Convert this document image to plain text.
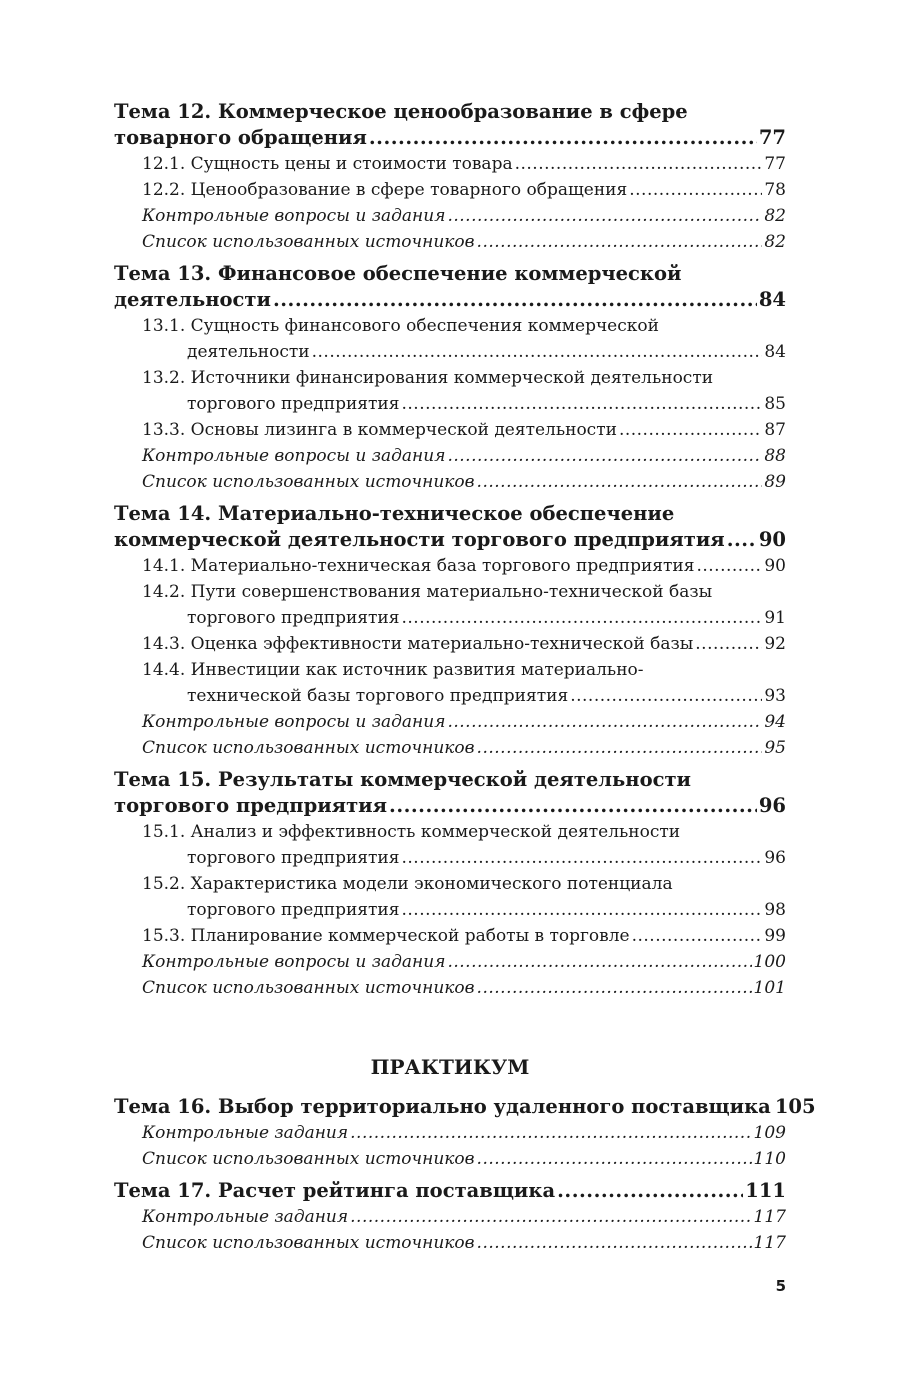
Тема 12. Коммерческое ценообразование в сфере
товарного обращения .....	77
12.1. Сущность цены и стоимости товара .....	77
12.2. Ценообразование в сфере товарного обращения .....	78
Контрольные вопросы и задания .....	82
Список использованных источников .....	82
Тема 13. Финансовое обеспечение коммерческой
деятельности .....	84
13.1. Сущность финансового обеспечения коммерческой
деятельности .....	84
13.2. Источники финансирования коммерческой деятельности
торгового предприятия .....	85
13.3. Основы лизинга в коммерческой деятельности .....	87
Контрольные вопросы и задания .....	88
Список использованных источников .....	89
Тема 14. Материально-техническое обеспечение
коммерческой деятельности торгового предприятия ..... 90
14.1. Материально-техническая база торгового предприятия .....	90
14.2. Пути совершенствования материально-технической базы
торгового предприятия .....	91
14.3. Оценка эффективности материально-технической базы .....	92
14.4. Инвестиции как источник развития материально-
технической базы торгового предприятия .....	93
Контрольные вопросы и задания .....	94
Список использованных источников .....	95
Тема 15. Результаты коммерческой деятельности
торгового предприятия .....	96
15.1. Анализ и эффективность коммерческой деятельности
торгового предприятия .....	96
15.2. Характеристика модели экономического потенциала
торгового предприятия .....	98
15.3. Планирование коммерческой работы в торговле .....	99
Контрольные вопросы и задания .....	100
Список использованных источников .....	101
ПРАКТИКУМ
Тема 16. Выбор территориально удаленного поставщика 105
Контрольные задания .....	109
Список использованных источников .....	110
Тема 17. Расчет рейтинга поставщика .....	111
Контрольные задания .....	117
Список использованных источников .....	117
5
